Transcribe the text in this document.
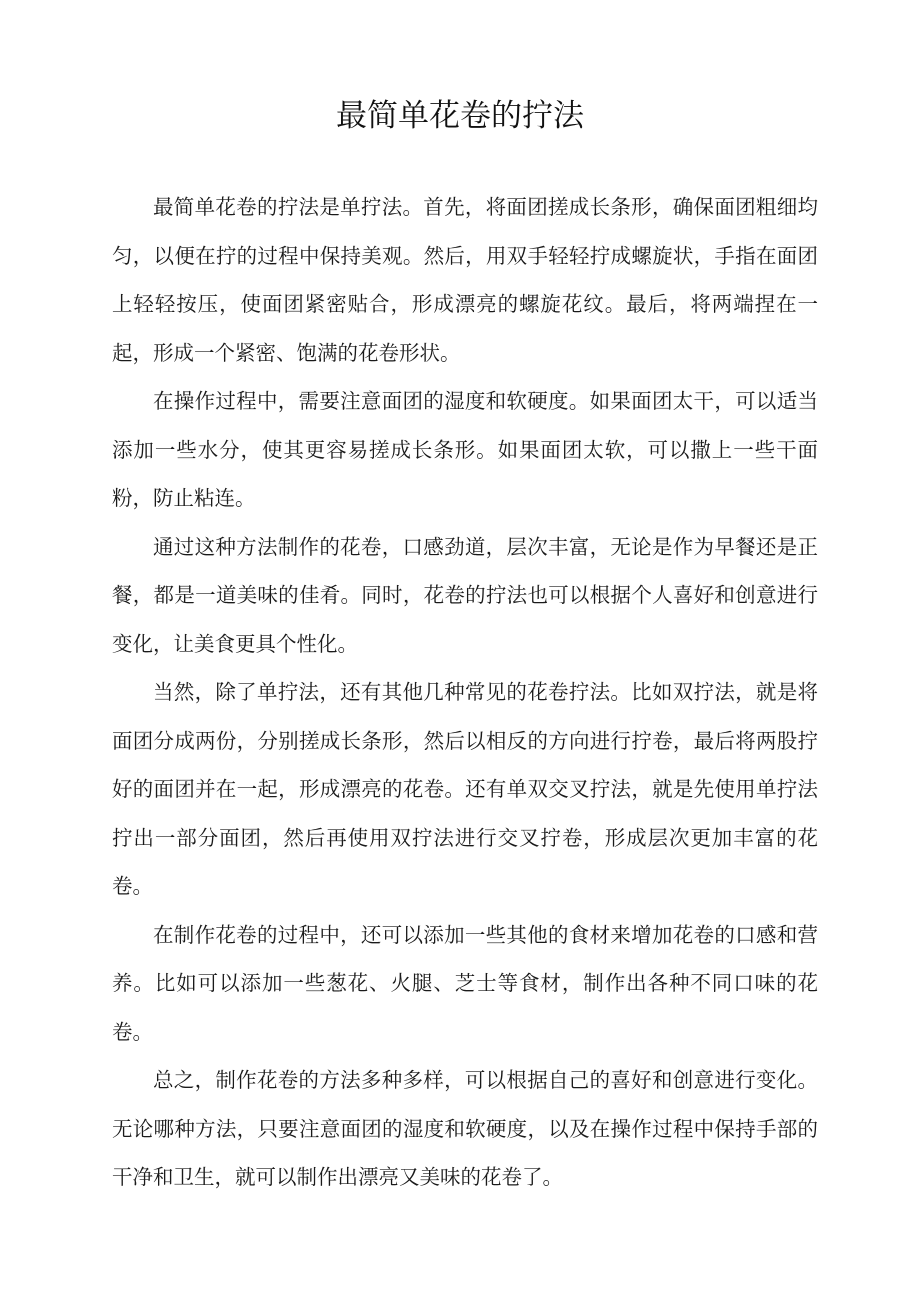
最简单花卷的拧法

最简单花卷的拧法是单拧法。首先，将面团搓成长条形，确保面团粗细均匀，以便在拧的过程中保持美观。然后，用双手轻轻拧成螺旋状，手指在面团上轻轻按压，使面团紧密贴合，形成漂亮的螺旋花纹。最后，将两端捏在一起，形成一个紧密、饱满的花卷形状。

在操作过程中，需要注意面团的湿度和软硬度。如果面团太干，可以适当添加一些水分，使其更容易搓成长条形。如果面团太软，可以撒上一些干面粉，防止粘连。

通过这种方法制作的花卷，口感劲道，层次丰富，无论是作为早餐还是正餐，都是一道美味的佳肴。同时，花卷的拧法也可以根据个人喜好和创意进行变化，让美食更具个性化。

当然，除了单拧法，还有其他几种常见的花卷拧法。比如双拧法，就是将面团分成两份，分别搓成长条形，然后以相反的方向进行拧卷，最后将两股拧好的面团并在一起，形成漂亮的花卷。还有单双交叉拧法，就是先使用单拧法拧出一部分面团，然后再使用双拧法进行交叉拧卷，形成层次更加丰富的花卷。

在制作花卷的过程中，还可以添加一些其他的食材来增加花卷的口感和营养。比如可以添加一些葱花、火腿、芝士等食材，制作出各种不同口味的花卷。

总之，制作花卷的方法多种多样，可以根据自己的喜好和创意进行变化。无论哪种方法，只要注意面团的湿度和软硬度，以及在操作过程中保持手部的干净和卫生，就可以制作出漂亮又美味的花卷了。
